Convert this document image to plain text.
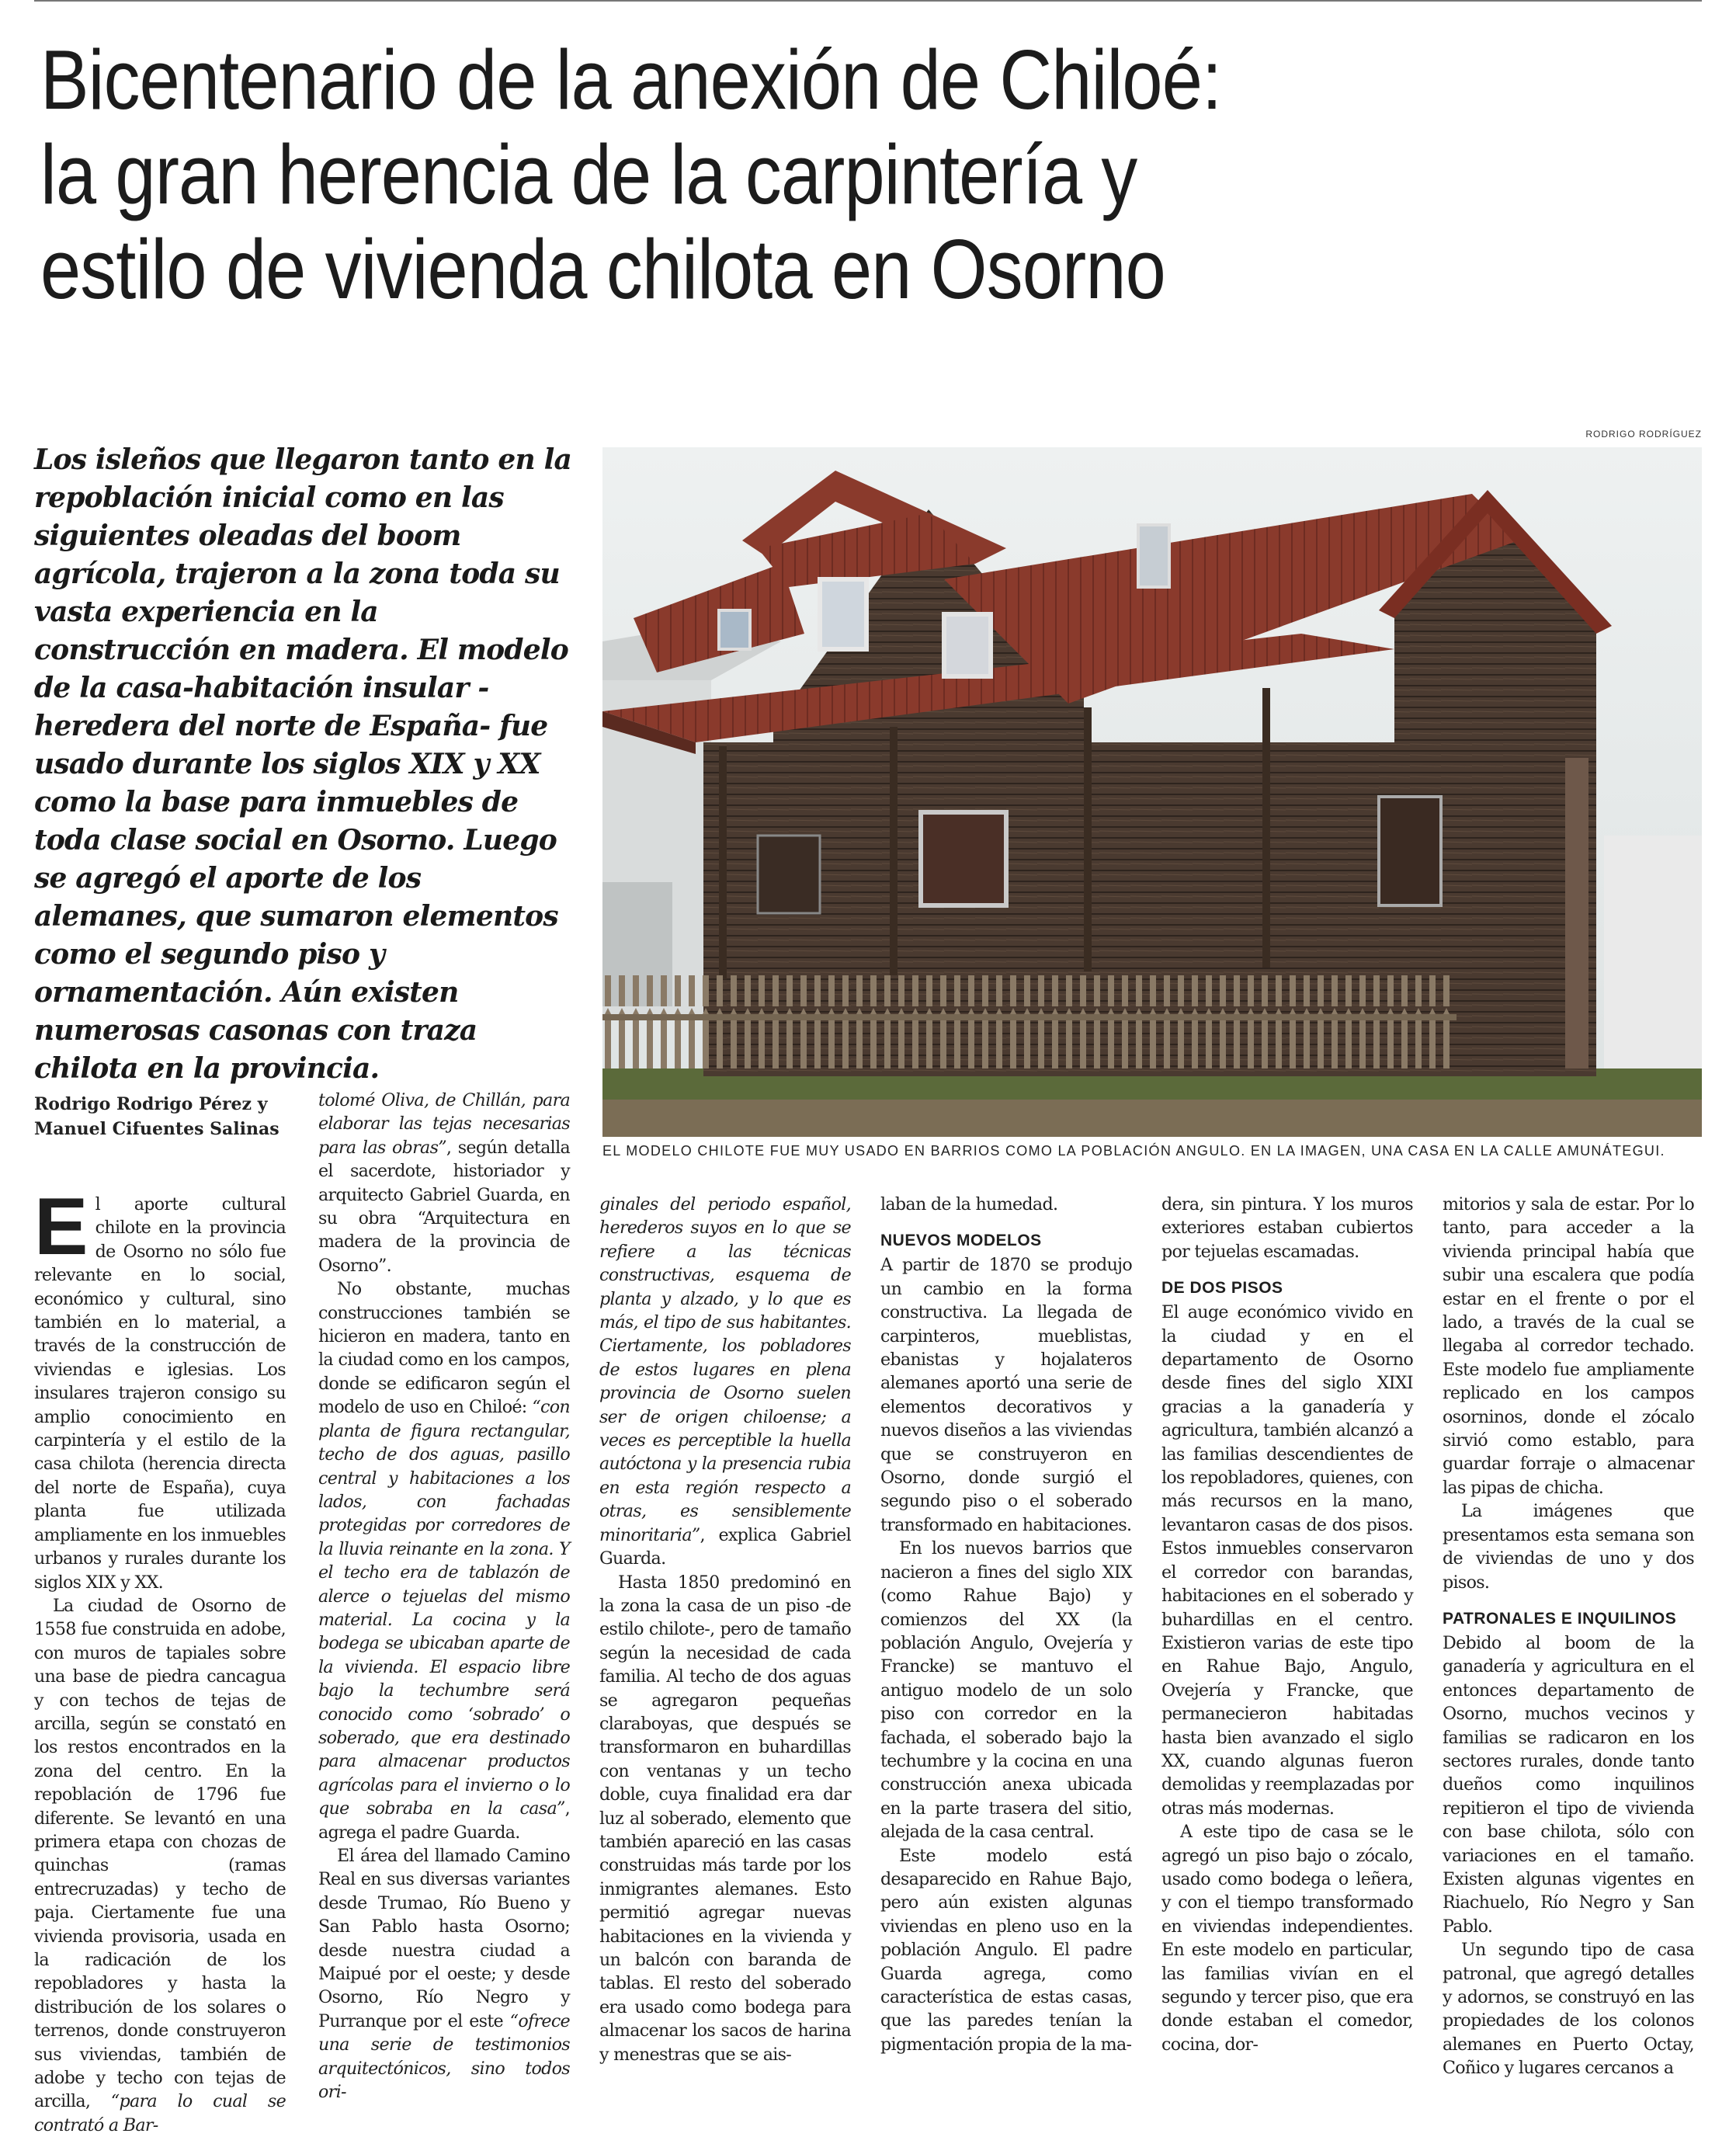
Bicentenario de la anexión de Chiloé:
la gran herencia de la carpintería y
estilo de vivienda chilota en Osorno
Los isleños que llegaron tanto en la repoblación inicial como en las siguientes oleadas del boom agrícola, trajeron a la zona toda su vasta experiencia en la construcción en madera. El modelo de la casa-habitación insular -heredera del norte de España- fue usado durante los siglos XIX y XX como la base para inmuebles de toda clase social en Osorno. Luego se agregó el aporte de los alemanes, que sumaron elementos como el segundo piso y ornamentación. Aún existen numerosas casonas con traza chilota en la provincia.
RODRIGO RODRÍGUEZ
EL MODELO CHILOTE FUE MUY USADO EN BARRIOS COMO LA POBLACIÓN ANGULO. EN LA IMAGEN, UNA CASA EN LA CALLE AMUNÁTEGUI.
Rodrigo Rodrigo Pérez y
Manuel Cifuentes Salinas

El aporte cultural chilote en la provincia de Osorno no sólo fue relevante en lo social, económico y cultural, sino también en lo material, a través de la construcción de viviendas e iglesias. Los insulares trajeron consigo su amplio conocimiento en carpintería y el estilo de la casa chilota (herencia directa del norte de España), cuya planta fue utilizada ampliamente en los inmuebles urbanos y rurales durante los siglos XIX y XX.

La ciudad de Osorno de 1558 fue construida en adobe, con muros de tapiales sobre una base de piedra cancagua y con techos de tejas de arcilla, según se constató en los restos encontrados en la zona del centro. En la repoblación de 1796 fue diferente. Se levantó en una primera etapa con chozas de quinchas (ramas entrecruzadas) y techo de paja. Ciertamente fue una vivienda provisoria, usada en la radicación de los repobladores y hasta la distribución de los solares o terrenos, donde construyeron sus viviendas, también de adobe y techo con tejas de arcilla, “para lo cual se contrató a Bar-

tolomé Oliva, de Chillán, para elaborar las tejas necesarias para las obras”, según detalla el sacerdote, historiador y arquitecto Gabriel Guarda, en su obra “Arquitectura en madera de la provincia de Osorno”.

No obstante, muchas construcciones también se hicieron en madera, tanto en la ciudad como en los campos, donde se edificaron según el modelo de uso en Chiloé: “con planta de figura rectangular, techo de dos aguas, pasillo central y habitaciones a los lados, con fachadas protegidas por corredores de la lluvia reinante en la zona. Y el techo era de tablazón de alerce o tejuelas del mismo material. La cocina y la bodega se ubicaban aparte de la vivienda. El espacio libre bajo la techumbre será conocido como ‘sobrado’ o soberado, que era destinado para almacenar productos agrícolas para el invierno o lo que sobraba en la casa”, agrega el padre Guarda.

El área del llamado Camino Real en sus diversas variantes desde Trumao, Río Bueno y San Pablo hasta Osorno; desde nuestra ciudad a Maipué por el oeste; y desde Osorno, Río Negro y Purranque por el este “ofrece una serie de testimonios arquitectónicos, sino todos ori-

ginales del periodo español, herederos suyos en lo que se refiere a las técnicas constructivas, esquema de planta y alzado, y lo que es más, el tipo de sus habitantes. Ciertamente, los pobladores de estos lugares en plena provincia de Osorno suelen ser de origen chiloense; a veces es perceptible la huella autóctona y la presencia rubia en esta región respecto a otras, es sensiblemente minoritaria”, explica Gabriel Guarda.

Hasta 1850 predominó en la zona la casa de un piso -de estilo chilote-, pero de tamaño según la necesidad de cada familia. Al techo de dos aguas se agregaron pequeñas claraboyas, que después se transformaron en buhardillas con ventanas y un techo doble, cuya finalidad era dar luz al soberado, elemento que también apareció en las casas construidas más tarde por los inmigrantes alemanes. Esto permitió agregar nuevas habitaciones en la vivienda y un balcón con baranda de tablas. El resto del soberado era usado como bodega para almacenar los sacos de harina y menestras que se ais-

laban de la humedad.

NUEVOS MODELOS

A partir de 1870 se produjo un cambio en la forma constructiva. La llegada de carpinteros, mueblistas, ebanistas y hojalateros alemanes aportó una serie de elementos decorativos y nuevos diseños a las viviendas que se construyeron en Osorno, donde surgió el segundo piso o el soberado transformado en habitaciones.

En los nuevos barrios que nacieron a fines del siglo XIX (como Rahue Bajo) y comienzos del XX (la población Angulo, Ovejería y Francke) se mantuvo el antiguo modelo de un solo piso con corredor en la fachada, el soberado bajo la techumbre y la cocina en una construcción anexa ubicada en la parte trasera del sitio, alejada de la casa central.

Este modelo está desaparecido en Rahue Bajo, pero aún existen algunas viviendas en pleno uso en la población Angulo. El padre Guarda agrega, como característica de estas casas, que las paredes tenían la pigmentación propia de la ma-

dera, sin pintura. Y los muros exteriores estaban cubiertos por tejuelas escamadas.

DE DOS PISOS

El auge económico vivido en la ciudad y en el departamento de Osorno desde fines del siglo XIXI gracias a la ganadería y agricultura, también alcanzó a las familias descendientes de los repobladores, quienes, con más recursos en la mano, levantaron casas de dos pisos. Estos inmuebles conservaron el corredor con barandas, habitaciones en el soberado y buhardillas en el centro. Existieron varias de este tipo en Rahue Bajo, Angulo, Ovejería y Francke, que permanecieron habitadas hasta bien avanzado el siglo XX, cuando algunas fueron demolidas y reemplazadas por otras más modernas.

A este tipo de casa se le agregó un piso bajo o zócalo, usado como bodega o leñera, y con el tiempo transformado en viviendas independientes. En este modelo en particular, las familias vivían en el segundo y tercer piso, que era donde estaban el comedor, cocina, dor-

mitorios y sala de estar. Por lo tanto, para acceder a la vivienda principal había que subir una escalera que podía estar en el frente o por el lado, a través de la cual se llegaba al corredor techado. Este modelo fue ampliamente replicado en los campos osorninos, donde el zócalo sirvió como establo, para guardar forraje o almacenar las pipas de chicha.

La imágenes que presentamos esta semana son de viviendas de uno y dos pisos.

PATRONALES E INQUILINOS

Debido al boom de la ganadería y agricultura en el entonces departamento de Osorno, muchos vecinos y familias se radicaron en los sectores rurales, donde tanto dueños como inquilinos repitieron el tipo de vivienda con base chilota, sólo con variaciones en el tamaño. Existen algunas vigentes en Riachuelo, Río Negro y San Pablo.

Un segundo tipo de casa patronal, que agregó detalles y adornos, se construyó en las propiedades de los colonos alemanes en Puerto Octay, Coñico y lugares cercanos a
